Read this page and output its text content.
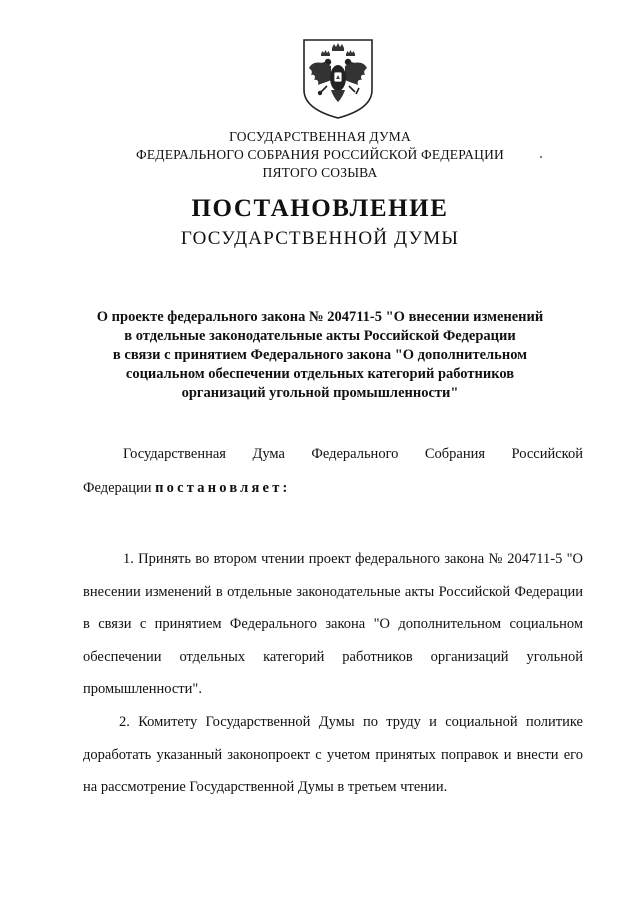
ГОСУДАРСТВЕННАЯ ДУМА
ФЕДЕРАЛЬНОГО СОБРАНИЯ РОССИЙСКОЙ ФЕДЕРАЦИИ
ПЯТОГО СОЗЫВА
ПОСТАНОВЛЕНИЕ
ГОСУДАРСТВЕННОЙ ДУМЫ
О проекте федерального закона № 204711-5 "О внесении изменений
в отдельные законодательные акты Российской Федерации
в связи с принятием Федерального закона "О дополнительном
социальном обеспечении отдельных категорий работников
организаций угольной промышленности"
Государственная Дума Федерального Собрания Российской
Федерации постановляет:
1. Принять во втором чтении проект федерального закона № 204711-5 "О внесении изменений в отдельные законодательные акты Российской Федерации в связи с принятием Федерального закона "О дополнительном социальном обеспечении отдельных категорий работников организаций угольной промышленности".
2. Комитету Государственной Думы по труду и социальной политике доработать указанный законопроект с учетом принятых поправок и внести его на рассмотрение Государственной Думы в третьем чтении.
